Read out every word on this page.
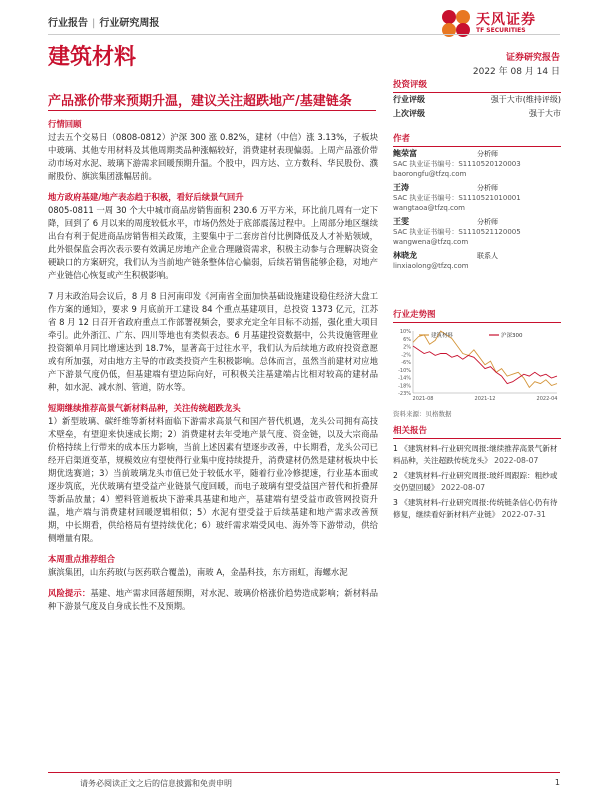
行业报告 | 行业研究周报	天风证券
TF SECURITIES
建筑材料	证券研究报告
2022 年 08 月 14 日
产品涨价带来预期升温，建议关注超跌地产/基建链条
行情回顾
过去五个交易日（0808-0812）沪深 300 涨 0.82%，建材（中信）涨 3.13%，子板块中玻璃、其他专用材料及其他周期类品种涨幅较好，消费建材表现偏弱。上周产品涨价带动市场对水泥、玻璃下游需求回暖预期升温。个股中，四方达、立方数科、华民股份、濮耐股份、旗滨集团涨幅居前。
地方政府基建/地产表态趋于积极，看好后续景气回升
0805-0811 一周 30 个大中城市商品房销售面积 230.6 万平方米，环比前几周有一定下降，回到了 6 月以来的周度较低水平，市场仍然处于底部震荡过程中。上周部分地区继续出台有利于促进商品房销售相关政策，主要集中于二套房首付比例降低及人才补贴领域，此外银保监会再次表示要有效满足房地产企业合理融资需求，积极主动参与合理解决资金硬缺口的方案研究，我们认为当前地产链条整体信心偏弱，后续若销售能够企稳，对地产产业链信心恢复或产生积极影响。
7 月末政治局会议后，8 月 8 日河南印发《河南省全面加快基础设施建设稳住经济大盘工作方案的通知》，要求 9 月底前开工建设 84 个重点基建项目，总投资 1373 亿元，江苏省 8 月 12 日召开省政府重点工作部署视频会，要求充定全年目标不动摇，强化重大项目牵引。此外浙江、广东、四川等地也有类似表态。6 月基建投资数据中，公共设施管理业投资额单月同比增速达到 18.7%，显著高于过往水平，我们认为后续地方政府投资意愿或有所加强，对由地方主导的市政类投资产生积极影响。总体而言，虽然当前建材对应地产下游景气度仍低，但基建端有望边际向好，可积极关注基建端占比相对较高的建材品种，如水泥、减水剂、管道，防水等。
短期继续推荐高景气新材料品种，关注传统超跌龙头
1）新型玻璃、碳纤维等新材料面临下游需求高景气和国产替代机遇，龙头公司拥有高技术壁垒，有望迎来快速成长期；2）消费建材去年受地产景气度、资金链，以及大宗商品价格持续上行带来的成本压力影响，当前上述因素有望逐步改善，中长期看，龙头公司已经开启渠道变革，规模效应有望使得行业集中度持续提升，消费建材仍然是建材板块中长期优选赛道；3）当前玻璃龙头市值已处于较低水平，随着行业冷修提速，行业基本面或逐步筑底，光伏玻璃有望受益产业链景气度回暖，而电子玻璃有望受益国产替代和折叠屏等新品放量；4）塑料管道板块下游乘具基建和地产，基建端有望受益市政管网投资升温，地产端与消费建材回暖逻辑相似；5）水泥有望受益于后续基建和地产需求改善预期，中长期看，供给格局有望持续优化；6）玻纤需求端受风电、海外等下游带动，供给侧增量有限。
本周重点推荐组合
旗滨集团，山东药玻(与医药联合覆盖)，南玻 A，金晶科技，东方雨虹，海螺水泥
风险提示：基建、地产需求回落超预期，对水泥、玻璃价格涨价趋势造成影响；新材料品种下游景气度及自身成长性不及预期。
投资评级
行业评级	强于大市(维持评级)
上次评级	强于大市
作者
鲍荣富	分析师
SAC 执业证书编号：S1110520120003
baorongfu@tfzq.com
王涛	分析师
SAC 执业证书编号：S1110521010001
wangtaoa@tfzq.com
王雯	分析师
SAC 执业证书编号：S1110521120005
wangwena@tfzq.com
林晓龙	联系人
linxiaolong@tfzq.com
行业走势图
10%
6%
2%
-2%
-6%
-10%
-14%
-18%
-23%
2021-08	2021-12	2022-04
建筑材料	沪深300
资料来源：贝格数据
相关报告
1 《建筑材料-行业研究周报:继续推荐高景气新材料品种，关注超跌传统龙头》 2022-08-07
2 《建筑材料-行业研究周报:玻纤周跟踪：粗纱或交仍望回暖》 2022-08-07
3 《建筑材料-行业研究周报:传统链条信心仍有待修复，继续看好新材料产业链》 2022-07-31
请务必阅读正文之后的信息披露和免责申明	1
